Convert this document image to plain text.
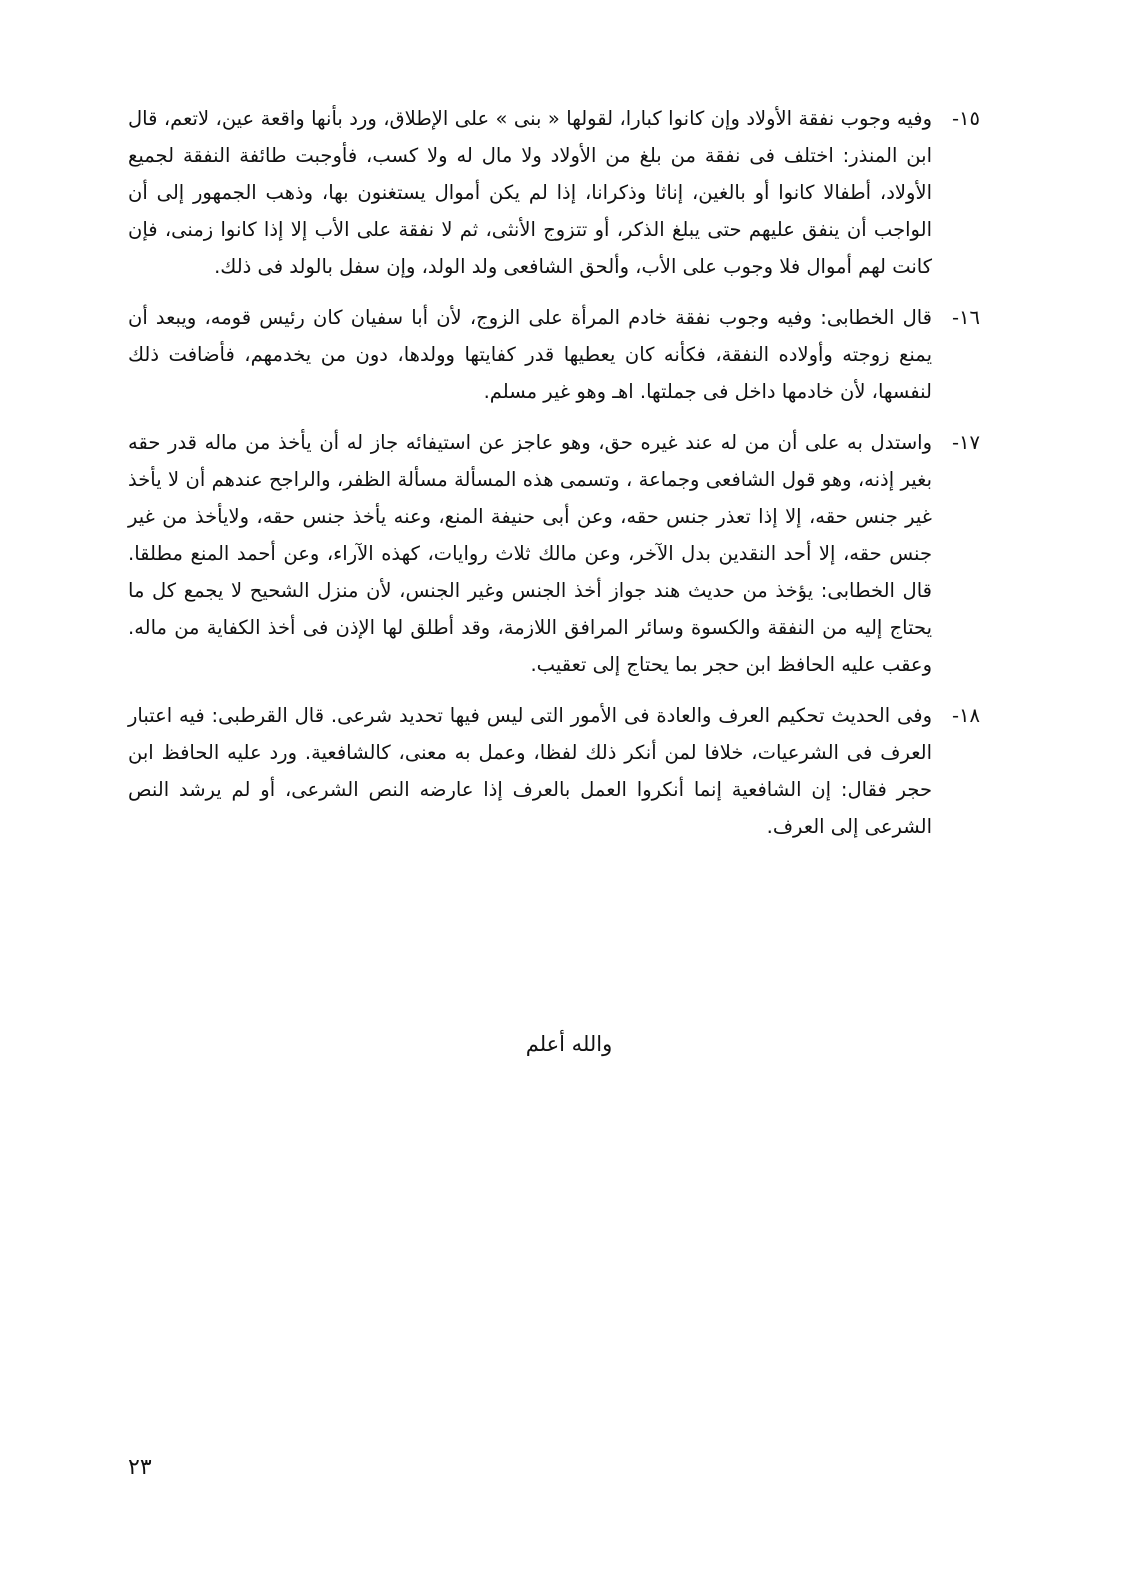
١٥-

وفيه وجوب نفقة الأولاد وإن كانوا كبارا، لقولها « بنى » على الإطلاق، ورد بأنها واقعة عين، لاتعم، قال ابن المنذر: اختلف فى نفقة من بلغ من الأولاد ولا مال له ولا كسب، فأوجبت طائفة النفقة لجميع الأولاد، أطفالا كانوا أو بالغين، إناثا وذكرانا، إذا لم يكن أموال يستغنون بها، وذهب الجمهور إلى أن الواجب أن ينفق عليهم حتى يبلغ الذكر، أو تتزوج الأنثى، ثم لا نفقة على الأب إلا إذا كانوا زمنى، فإن كانت لهم أموال فلا وجوب على الأب، وألحق الشافعى ولد الولد، وإن سفل بالولد فى ذلك.

١٦-

قال الخطابى: وفيه وجوب نفقة خادم المرأة على الزوج، لأن أبا سفيان كان رئيس قومه، ويبعد أن يمنع زوجته وأولاده النفقة، فكأنه كان يعطيها قدر كفايتها وولدها، دون من يخدمهم، فأضافت ذلك لنفسها، لأن خادمها داخل فى جملتها. اهـ وهو غير مسلم.

١٧-

واستدل به على أن من له عند غيره حق، وهو عاجز عن استيفائه جاز له أن يأخذ من ماله قدر حقه بغير إذنه، وهو قول الشافعى وجماعة ، وتسمى هذه المسألة مسألة الظفر، والراجح عندهم أن لا يأخذ غير جنس حقه، إلا إذا تعذر جنس حقه، وعن أبى حنيفة المنع، وعنه يأخذ جنس حقه، ولايأخذ من غير جنس حقه، إلا أحد النقدين بدل الآخر، وعن مالك ثلاث روايات، كهذه الآراء، وعن أحمد المنع مطلقا. قال الخطابى: يؤخذ من حديث هند جواز أخذ الجنس وغير الجنس، لأن منزل الشحيح لا يجمع كل ما يحتاج إليه من النفقة والكسوة وسائر المرافق اللازمة، وقد أطلق لها الإذن فى أخذ الكفاية من ماله. وعقب عليه الحافظ ابن حجر بما يحتاج إلى تعقيب.

١٨-

وفى الحديث تحكيم العرف والعادة فى الأمور التى ليس فيها تحديد شرعى. قال القرطبى: فيه اعتبار العرف فى الشرعيات، خلافا لمن أنكر ذلك لفظا، وعمل به معنى، كالشافعية. ورد عليه الحافظ ابن حجر فقال: إن الشافعية إنما أنكروا العمل بالعرف إذا عارضه النص الشرعى، أو لم يرشد النص الشرعى إلى العرف.

والله أعلم
٢٣
